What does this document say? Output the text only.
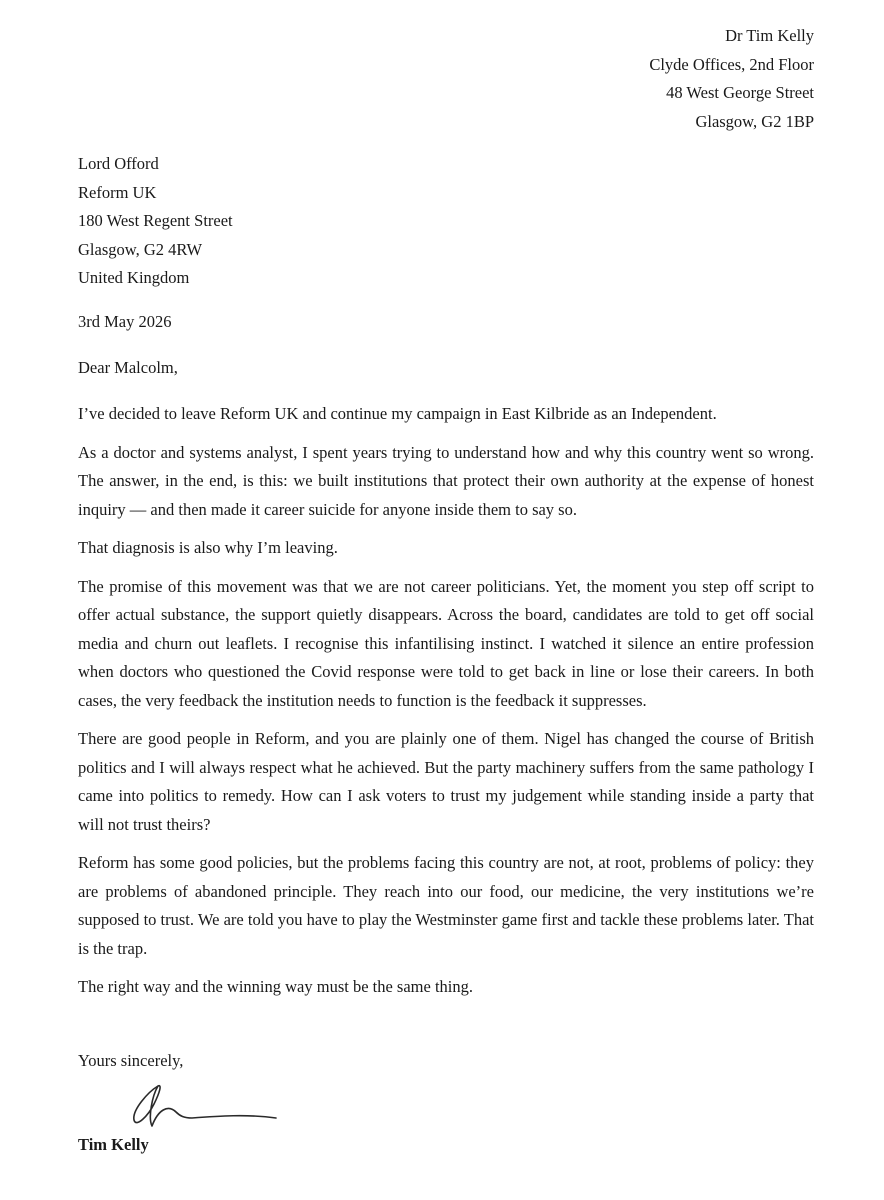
Dr Tim Kelly
Clyde Offices, 2nd Floor
48 West George Street
Glasgow, G2 1BP
Lord Offord
Reform UK
180 West Regent Street
Glasgow, G2 4RW
United Kingdom
3rd May 2026
Dear Malcolm,

I’ve decided to leave Reform UK and continue my campaign in East Kilbride as an Independent.

As a doctor and systems analyst, I spent years trying to understand how and why this country went so wrong. The answer, in the end, is this: we built institutions that protect their own authority at the expense of honest inquiry — and then made it career suicide for anyone inside them to say so.

That diagnosis is also why I’m leaving.

The promise of this movement was that we are not career politicians. Yet, the moment you step off script to offer actual substance, the support quietly disappears. Across the board, candidates are told to get off social media and churn out leaflets. I recognise this infantilising instinct. I watched it silence an entire profession when doctors who questioned the Covid response were told to get back in line or lose their careers. In both cases, the very feedback the institution needs to function is the feedback it suppresses.

There are good people in Reform, and you are plainly one of them. Nigel has changed the course of British politics and I will always respect what he achieved. But the party machinery suffers from the same pathology I came into politics to remedy. How can I ask voters to trust my judgement while standing inside a party that will not trust theirs?

Reform has some good policies, but the problems facing this country are not, at root, problems of policy: they are problems of abandoned principle. They reach into our food, our medicine, the very institutions we’re supposed to trust. We are told you have to play the Westminster game first and tackle these problems later. That is the trap.

The right way and the winning way must be the same thing.

Yours sincerely,
Tim Kelly
